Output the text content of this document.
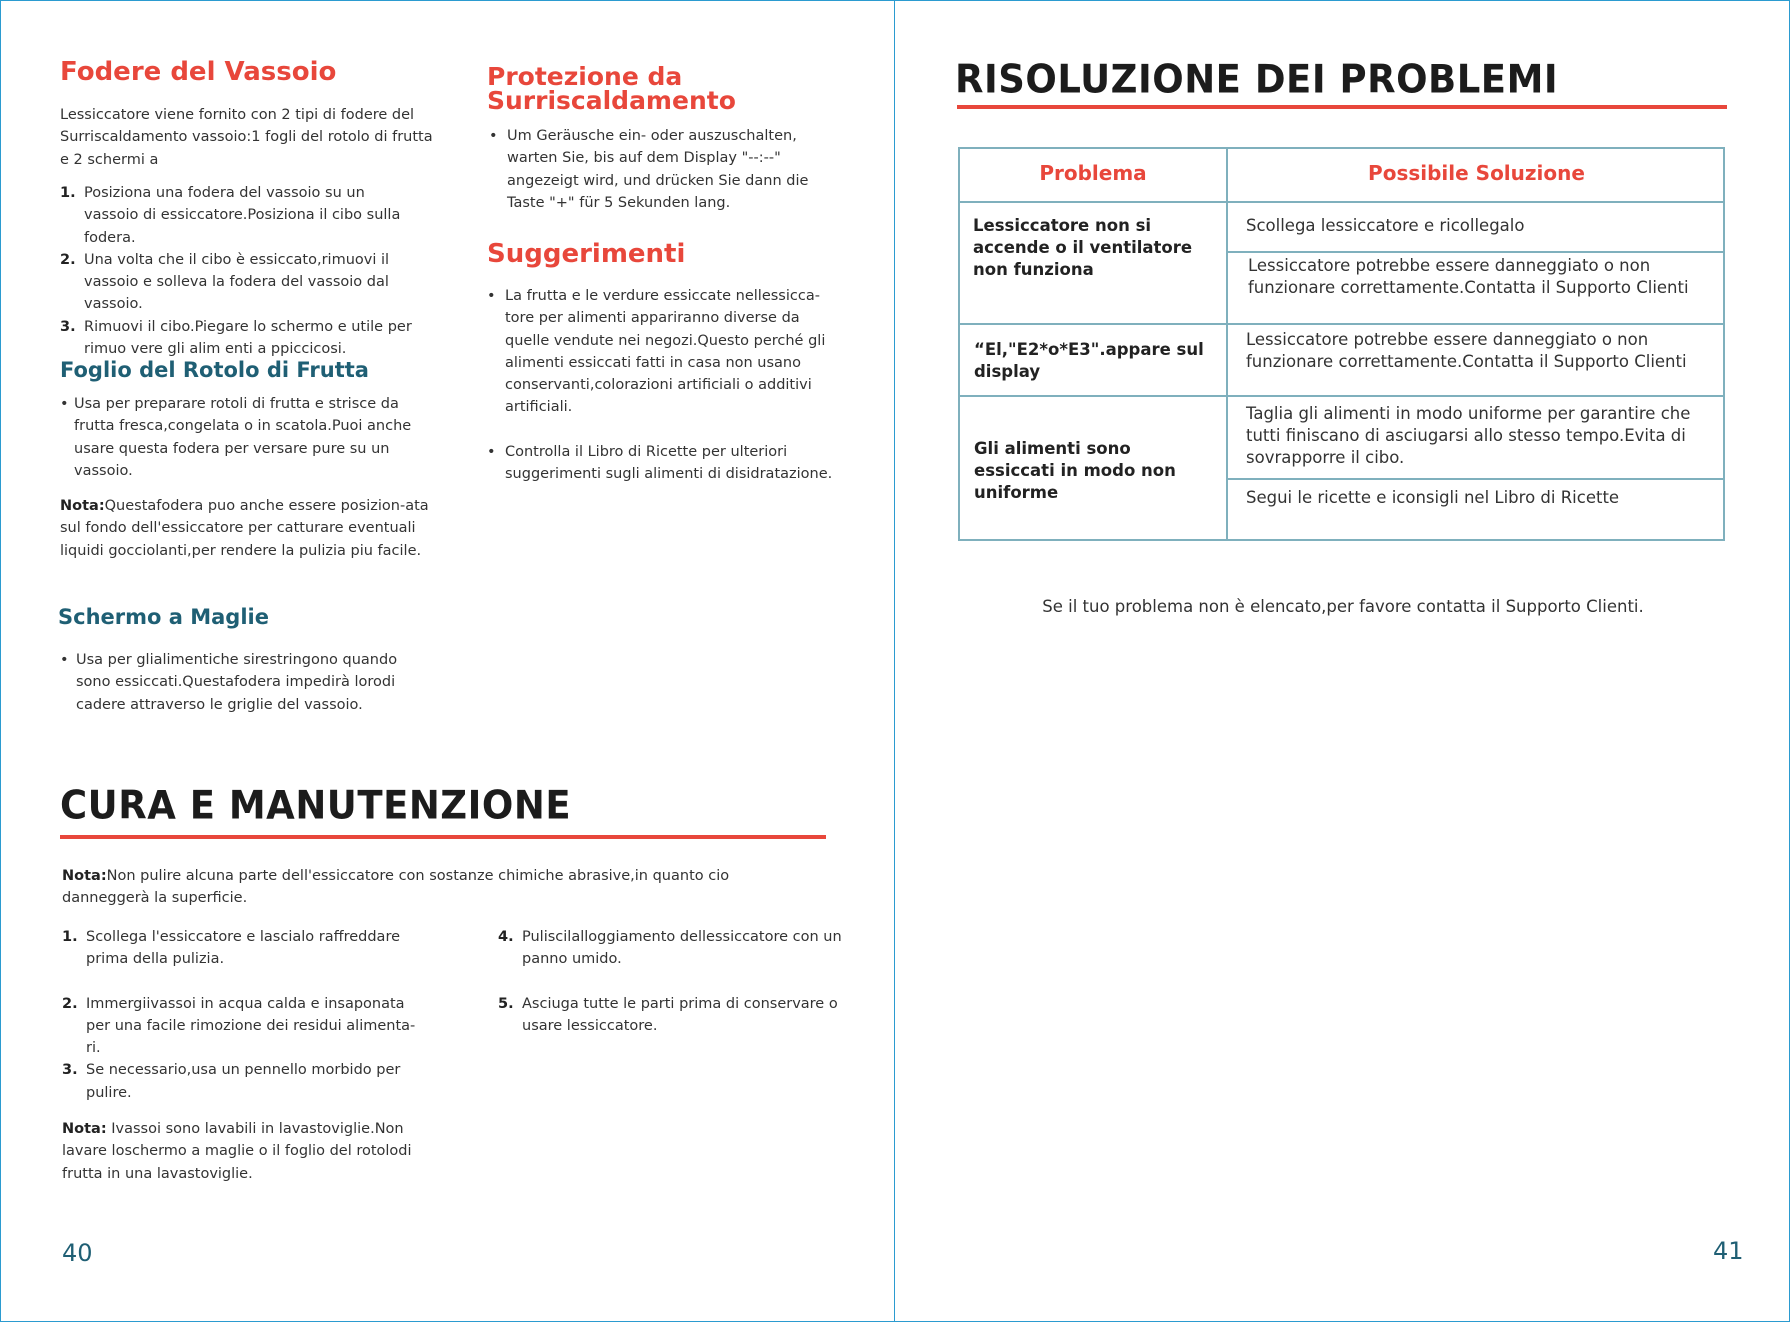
Fodere del Vassoio

Lessiccatore viene fornito con 2 tipi di fodere del Surriscaldamento vassoio:1 fogli del rotolo di frutta e 2 schermi a

1. Posiziona una fodera del vassoio su un vassoio di essiccatore.Posiziona il cibo sulla fodera.
2. Una volta che il cibo è essiccato,rimuovi il vassoio e solleva la fodera del vassoio dal vassoio.
3. Rimuovi il cibo.Piegare lo schermo e utile per rimuo vere gli alim enti a ppiccicosi.
Foglio del Rotolo di Frutta
• Usa per preparare rotoli di frutta e strisce da frutta fresca,congelata o in scatola.Puoi anche usare questa fodera per versare pure su un vassoio.

Nota:Questafodera puo anche essere posizion-ata sul fondo dell'essiccatore per catturare eventuali liquidi gocciolanti,per rendere la pulizia piu facile.

Schermo a Maglie
• Usa per glialimentiche sirestringono quando sono essiccati.Questafodera impedirà lorodi cadere attraverso le griglie del vassoio.
Protezione da
Surriscaldamento
• Um Geräusche ein- oder auszuschalten, warten Sie, bis auf dem Display "--:--" angezeigt wird, und drücken Sie dann die Taste "+" für 5 Sekunden lang.
Suggerimenti
• La frutta e le verdure essiccate nellessicca-tore per alimenti appariranno diverse da quelle vendute nei negozi.Questo perché gli alimenti essiccati fatti in casa non usano conservanti,colorazioni artificiali o additivi artificiali.
• Controlla il Libro di Ricette per ulteriori suggerimenti sugli alimenti di disidratazione.
CURA E MANUTENZIONE

Nota:Non pulire alcuna parte dell'essiccatore con sostanze chimiche abrasive,in quanto cio danneggerà la superficie.

1. Scollega l'essiccatore e lascialo raffreddare prima della pulizia.
2. Immergiivassoi in acqua calda e insaponata per una facile rimozione dei residui alimenta-ri.
3. Se necessario,usa un pennello morbido per pulire.
4. Puliscilalloggiamento dellessiccatore con un panno umido.
5. Asciuga tutte le parti prima di conservare o usare lessiccatore.

Nota: Ivassoi sono lavabili in lavastoviglie.Non lavare loschermo a maglie o il foglio del rotolodi frutta in una lavastoviglie.

40
RISOLUZIONE DEI PROBLEMI
Problema	Possibile Soluzione
Lessiccatore non si accende o il ventilatore non funziona
Scollega lessiccatore e ricollegalo
Lessiccatore potrebbe essere danneggiato o non funzionare correttamente.Contatta il Supporto Clienti
“El,"E2*o*E3".appare sul display
Lessiccatore potrebbe essere danneggiato o non funzionare correttamente.Contatta il Supporto Clienti
Gli alimenti sono essiccati in modo non uniforme
Taglia gli alimenti in modo uniforme per garantire che tutti finiscano di asciugarsi allo stesso tempo.Evita di sovrapporre il cibo.
Segui le ricette e iconsigli nel Libro di Ricette

Se il tuo problema non è elencato,per favore contatta il Supporto Clienti.

41
